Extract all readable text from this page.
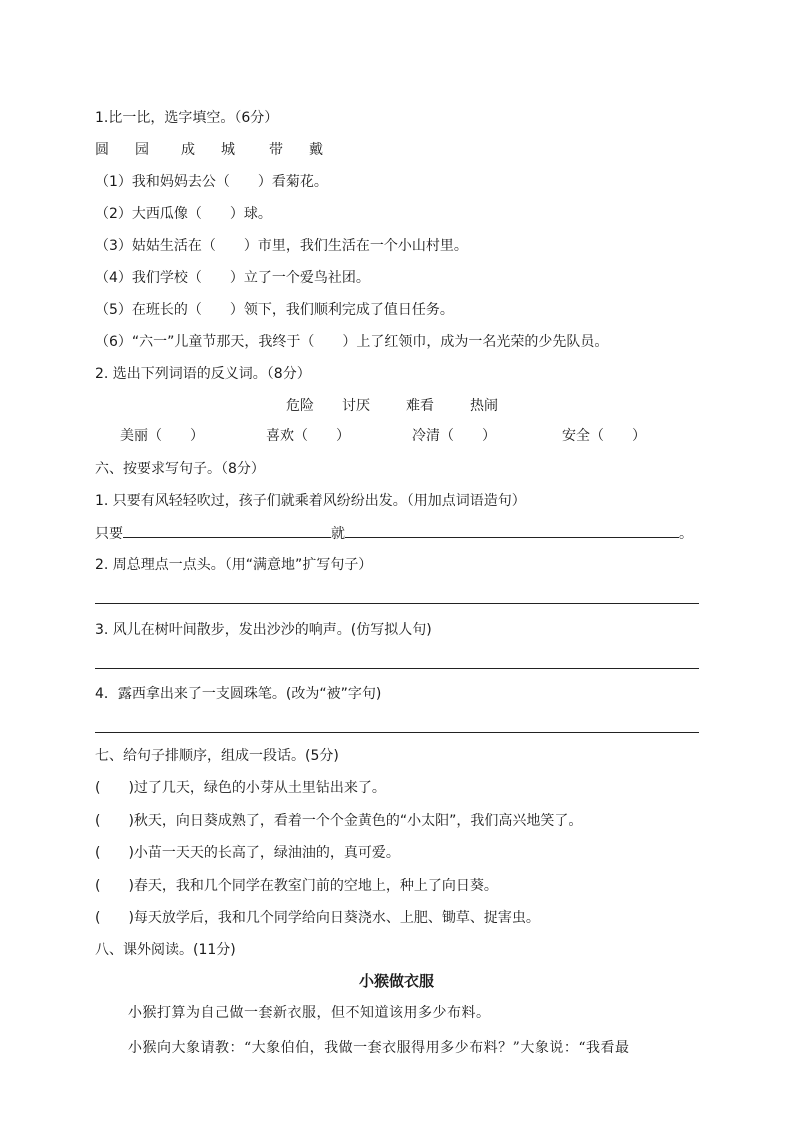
1.比一比，选字填空。（6分）
圆 园 成 城 带 戴
（1）我和妈妈去公（　　）看菊花。
（2）大西瓜像（　　）球。
（3）姑姑生活在（　　）市里，我们生活在一个小山村里。
（4）我们学校（　　）立了一个爱鸟社团。
（5）在班长的（　　）领下，我们顺利完成了值日任务。
（6）“六一”儿童节那天，我终于（　　）上了红领巾，成为一名光荣的少先队员。
2. 选出下列词语的反义词。（8分）
危险 讨厌	难看	热闹
美丽（　　）	喜欢（　　）	冷清（　　）	安全（　　）
六、按要求写句子。（8分）
1. 只要有风轻轻吹过，孩子们就乘着风纷纷出发。（用加点词语造句）
只要	就	。
2. 周总理点一点头。（用“满意地”扩写句子）
3. 风儿在树叶间散步，发出沙沙的响声。(仿写拟人句)
4．露西拿出来了一支圆珠笔。(改为“被”字句)
七、给句子排顺序，组成一段话。(5分)
(　　)过了几天，绿色的小芽从土里钻出来了。
(　　)秋天，向日葵成熟了，看着一个个金黄色的“小太阳”，我们高兴地笑了。
(　　)小苗一天天的长高了，绿油油的，真可爱。
(　　)春天，我和几个同学在教室门前的空地上，种上了向日葵。
(　　)每天放学后，我和几个同学给向日葵浇水、上肥、锄草、捉害虫。
八、课外阅读。(11分)
小猴做衣服
小猴打算为自己做一套新衣服，但不知道该用多少布料。
小猴向大象请教：“大象伯伯，我做一套衣服得用多少布料？”大象说：“我看最
